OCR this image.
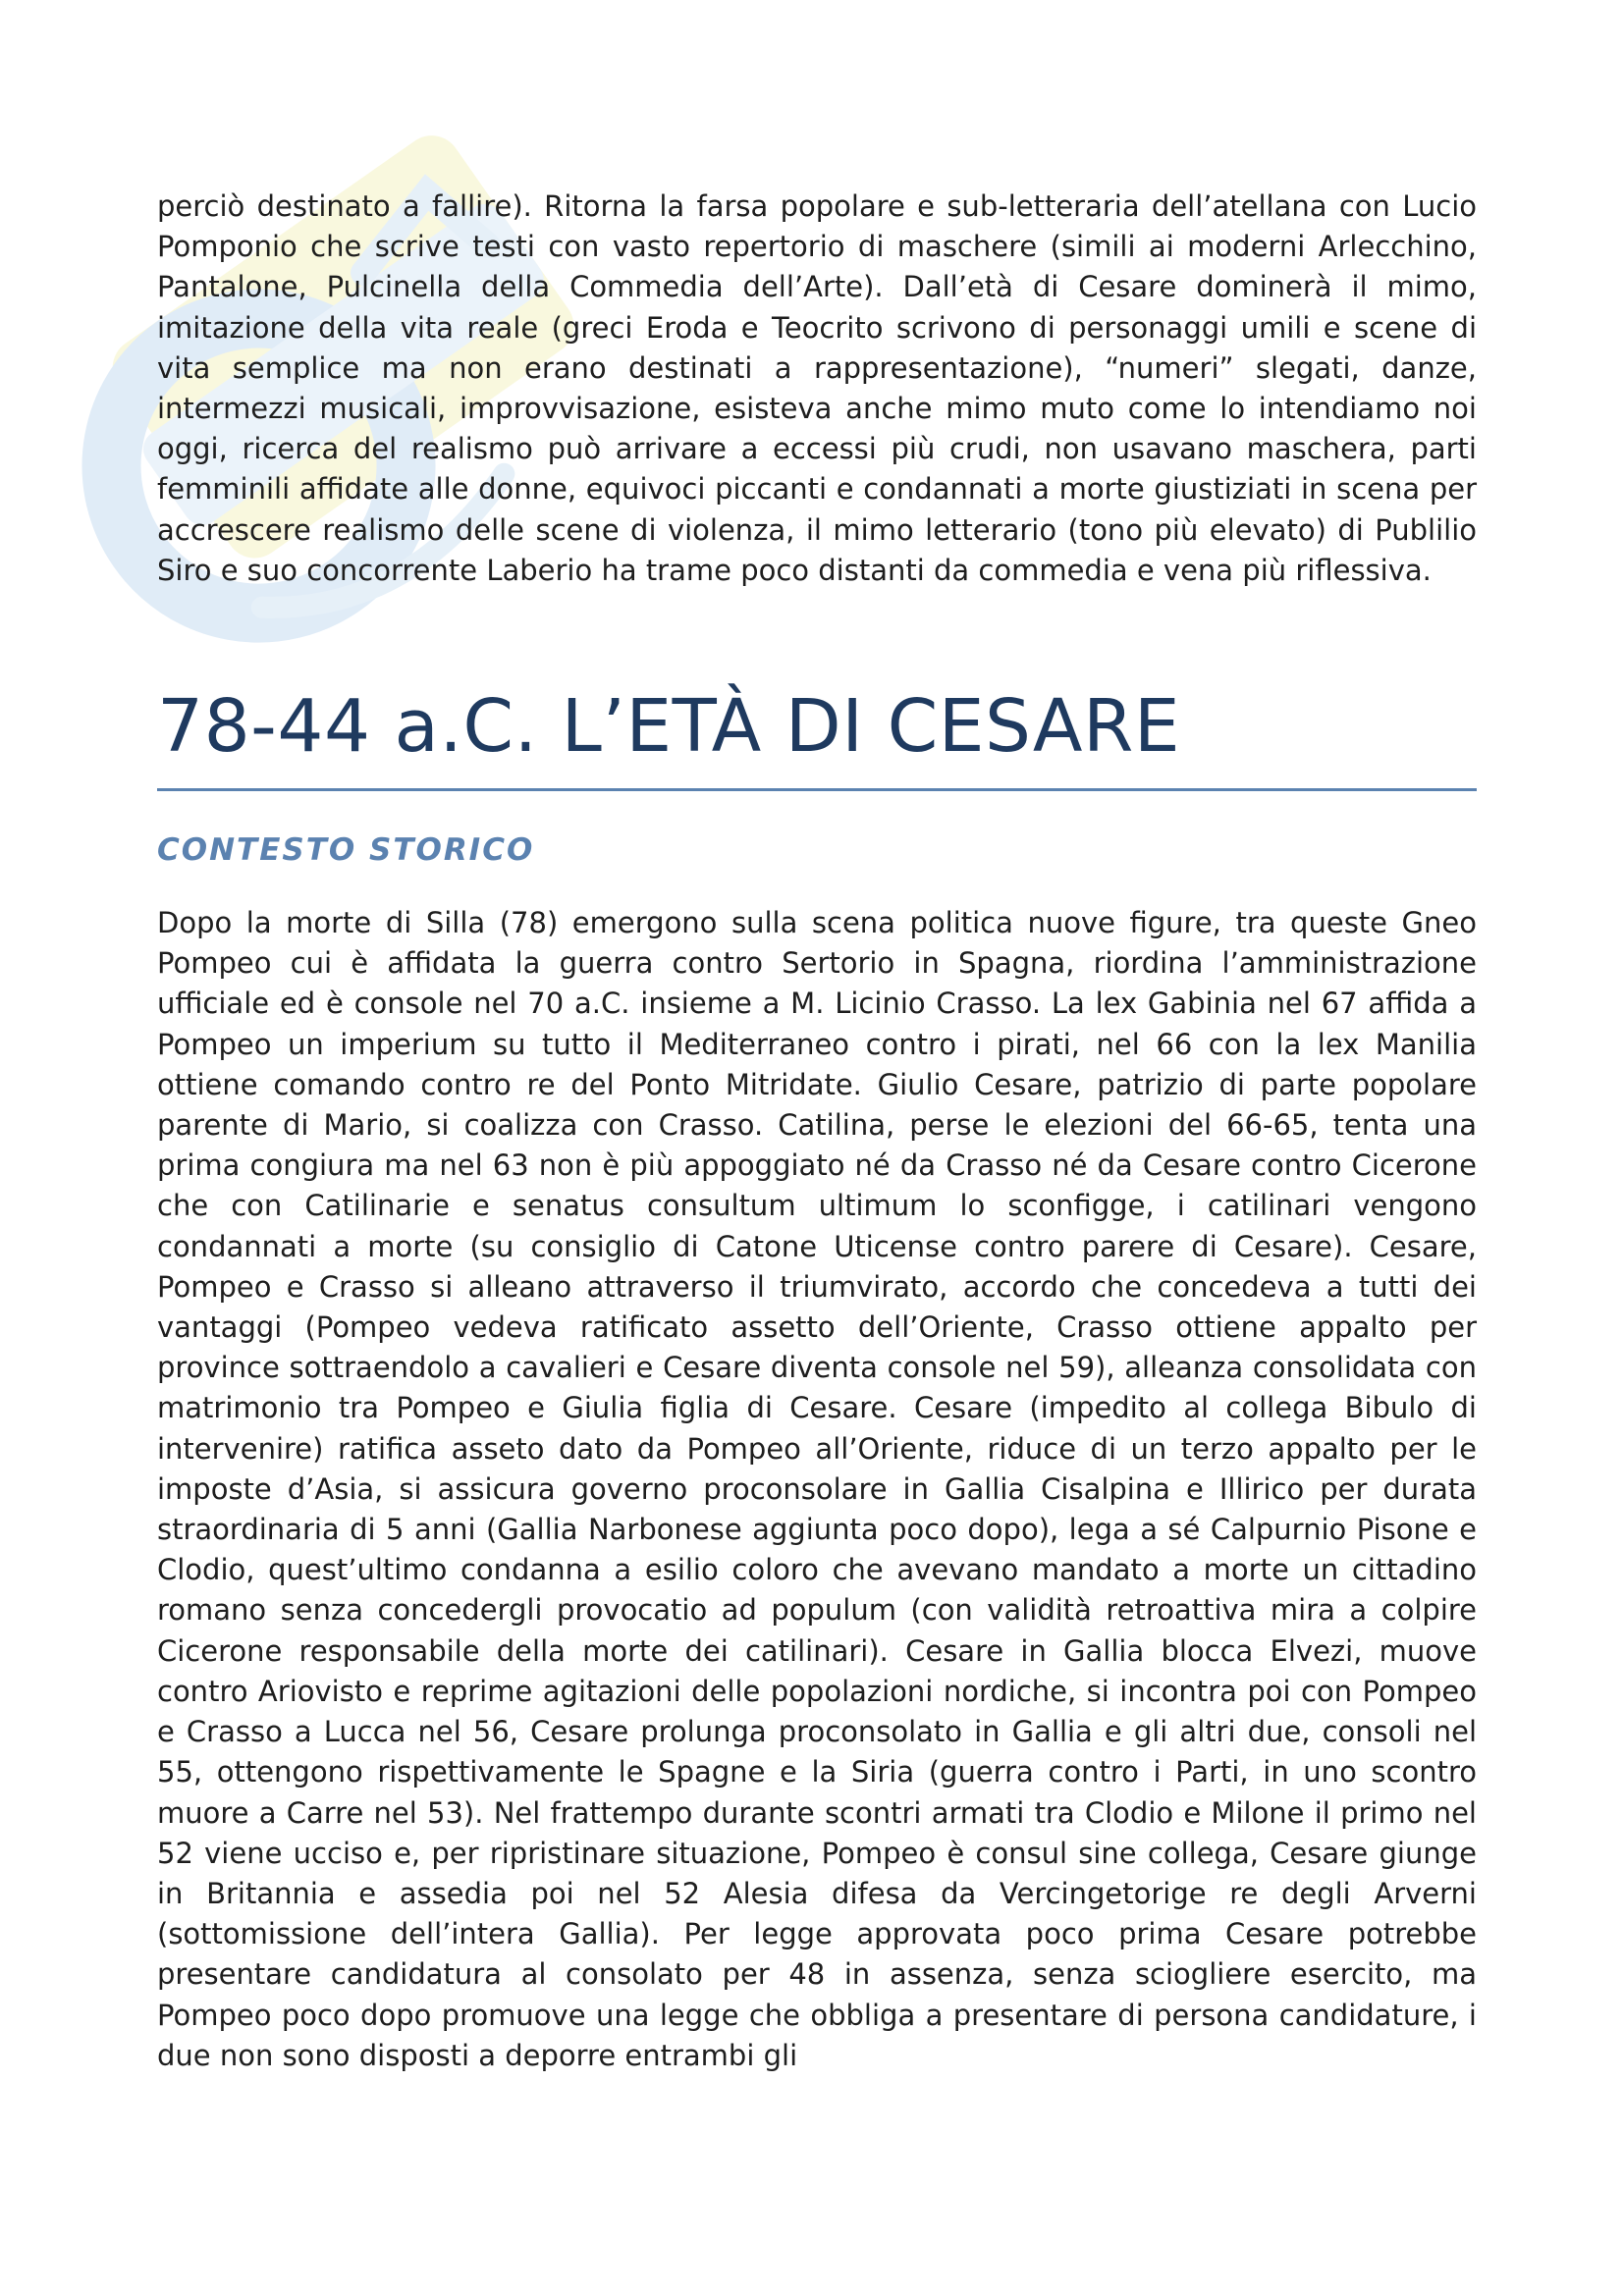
perciò destinato a fallire). Ritorna la farsa popolare e sub-letteraria dell’atellana con Lucio Pomponio che scrive testi con vasto repertorio di maschere (simili ai moderni Arlecchino, Pantalone, Pulcinella della Commedia dell’Arte). Dall’età di Cesare dominerà il mimo, imitazione della vita reale (greci Eroda e Teocrito scrivono di personaggi umili e scene di vita semplice ma non erano destinati a rappresentazione), “numeri” slegati, danze, intermezzi musicali, improvvisazione, esisteva anche mimo muto come lo intendiamo noi oggi, ricerca del realismo può arrivare a eccessi più crudi, non usavano maschera, parti femminili affidate alle donne, equivoci piccanti e condannati a morte giustiziati in scena per accrescere realismo delle scene di violenza, il mimo letterario (tono più elevato) di Publilio Siro e suo concorrente Laberio ha trame poco distanti da commedia e vena più riflessiva.

78-44 a.C. L’ETÀ DI CESARE
CONTESTO STORICO

Dopo la morte di Silla (78) emergono sulla scena politica nuove figure, tra queste Gneo Pompeo cui è affidata la guerra contro Sertorio in Spagna, riordina l’amministrazione ufficiale ed è console nel 70 a.C. insieme a M. Licinio Crasso. La lex Gabinia nel 67 affida a Pompeo un imperium su tutto il Mediterraneo contro i pirati, nel 66 con la lex Manilia ottiene comando contro re del Ponto Mitridate. Giulio Cesare, patrizio di parte popolare parente di Mario, si coalizza con Crasso. Catilina, perse le elezioni del 66-65, tenta una prima congiura ma nel 63 non è più appoggiato né da Crasso né da Cesare contro Cicerone che con Catilinarie e senatus consultum ultimum lo sconfigge, i catilinari vengono condannati a morte (su consiglio di Catone Uticense contro parere di Cesare). Cesare, Pompeo e Crasso si alleano attraverso il triumvirato, accordo che concedeva a tutti dei vantaggi (Pompeo vedeva ratificato assetto dell’Oriente, Crasso ottiene appalto per province sottraendolo a cavalieri e Cesare diventa console nel 59), alleanza consolidata con matrimonio tra Pompeo e Giulia figlia di Cesare. Cesare (impedito al collega Bibulo di intervenire) ratifica asseto dato da Pompeo all’Oriente, riduce di un terzo appalto per le imposte d’Asia, si assicura governo proconsolare in Gallia Cisalpina e Illirico per durata straordinaria di 5 anni (Gallia Narbonese aggiunta poco dopo), lega a sé Calpurnio Pisone e Clodio, quest’ultimo condanna a esilio coloro che avevano mandato a morte un cittadino romano senza concedergli provocatio ad populum (con validità retroattiva mira a colpire Cicerone responsabile della morte dei catilinari). Cesare in Gallia blocca Elvezi, muove contro Ariovisto e reprime agitazioni delle popolazioni nordiche, si incontra poi con Pompeo e Crasso a Lucca nel 56, Cesare prolunga proconsolato in Gallia e gli altri due, consoli nel 55, ottengono rispettivamente le Spagne e la Siria (guerra contro i Parti, in uno scontro muore a Carre nel 53). Nel frattempo durante scontri armati tra Clodio e Milone il primo nel 52 viene ucciso e, per ripristinare situazione, Pompeo è consul sine collega, Cesare giunge in Britannia e assedia poi nel 52 Alesia difesa da Vercingetorige re degli Arverni (sottomissione dell’intera Gallia). Per legge approvata poco prima Cesare potrebbe presentare candidatura al consolato per 48 in assenza, senza sciogliere esercito, ma Pompeo poco dopo promuove una legge che obbliga a presentare di persona candidature, i due non sono disposti a deporre entrambi gli
